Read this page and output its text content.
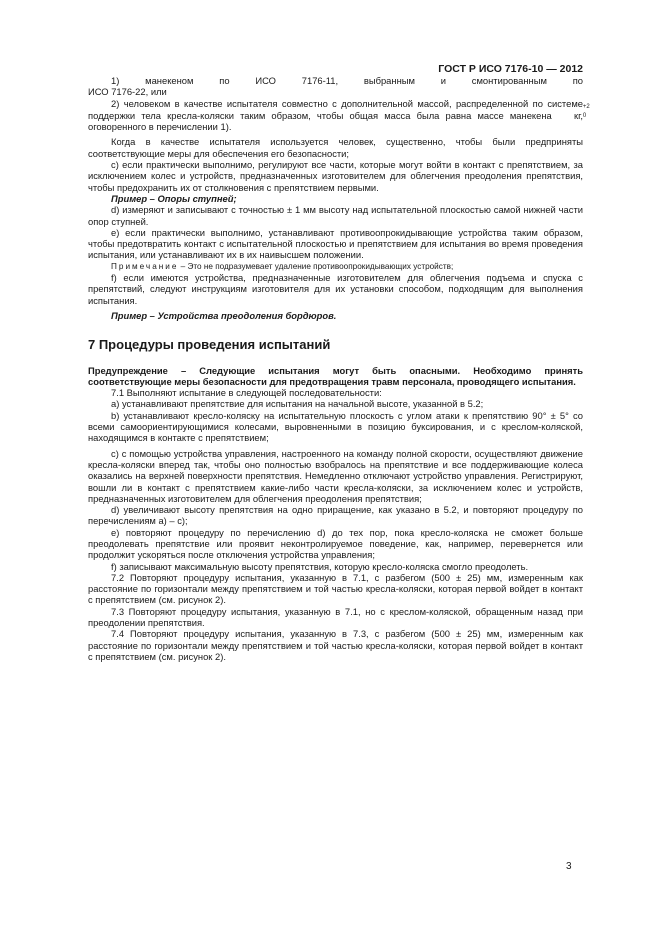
ГОСТ Р ИСО 7176-10 — 2012

1) манекеном по ИСО 7176-11, выбранным и смонтированным по

ИСО 7176-22, или

2) человеком в качестве испытателя совместно с дополнительной массой, распределенной по системе поддержки тела кресла-коляски таким образом, чтобы общая масса была равна массе манекена
+2
0
кг, оговоренного в перечислении 1).

Когда в качестве испытателя используется человек, существенно, чтобы были предприняты соответствующие меры для обеспечения его безопасности;

c) если практически выполнимо, регулируют все части, которые могут войти в контакт с препятствием, за исключением колес и устройств, предназначенных изготовителем для облегчения преодоления препятствия, чтобы предохранить их от столкновения с препятствием первыми.

Пример – Опоры ступней;

d) измеряют и записывают с точностью ± 1 мм высоту над испытательной плоскостью самой нижней части опор ступней.

e) если практически выполнимо, устанавливают противоопрокидывающие устройства таким образом, чтобы предотвратить контакт с испытательной плоскостью и препятствием для испытания во время проведения испытания, или устанавливают их в их наивысшем положении.

Примечание – Это не подразумевает удаление противоопрокидывающих устройств;

f) если имеются устройства, предназначенные изготовителем для облегчения подъема и спуска с препятствий, следуют инструкциям изготовителя для их установки способом, подходящим для выполнения испытания.

Пример – Устройства преодоления бордюров.

7 Процедуры проведения испытаний

Предупреждение – Следующие испытания могут быть опасными. Необходимо принять соответствующие меры безопасности для предотвращения травм персонала, проводящего испытания.

7.1 Выполняют испытание в следующей последовательности:

a) устанавливают препятствие для испытания на начальной высоте, указанной в 5.2;

b) устанавливают кресло-коляску на испытательную плоскость с углом атаки к препятствию 90° ± 5° со всеми самоориентирующимися колесами, выровненными в позицию буксирования, и с креслом-коляской, находящимся в контакте с препятствием;

c) с помощью устройства управления, настроенного на команду полной скорости, осуществляют движение кресла-коляски вперед так, чтобы оно полностью взобралось на препятствие и все поддерживающие колеса оказались на верхней поверхности препятствия. Немедленно отключают устройство управления. Регистрируют, вошли ли в контакт с препятствием какие-либо части кресла-коляски, за исключением колес и устройств, предназначенных изготовителем для облегчения преодоления препятствия;

d) увеличивают высоту препятствия на одно приращение, как указано в 5.2, и повторяют процедуру по перечислениям a) – c);

e) повторяют процедуру по перечислению d) до тех пор, пока кресло-коляска не сможет больше преодолевать препятствие или проявит неконтролируемое поведение, как, например, перевернется или продолжит ускоряться после отключения устройства управления;

f) записывают максимальную высоту препятствия, которую кресло-коляска смогло преодолеть.

7.2 Повторяют процедуру испытания, указанную в 7.1, с разбегом (500 ± 25) мм, измеренным как расстояние по горизонтали между препятствием и той частью кресла-коляски, которая первой войдет в контакт с препятствием (см. рисунок 2).

7.3 Повторяют процедуру испытания, указанную в 7.1, но с креслом-коляской, обращенным назад при преодолении препятствия.

7.4 Повторяют процедуру испытания, указанную в 7.3, с разбегом (500 ± 25) мм, измеренным как расстояние по горизонтали между препятствием и той частью кресла-коляски, которая первой войдет в контакт с препятствием (см. рисунок 2).

3
